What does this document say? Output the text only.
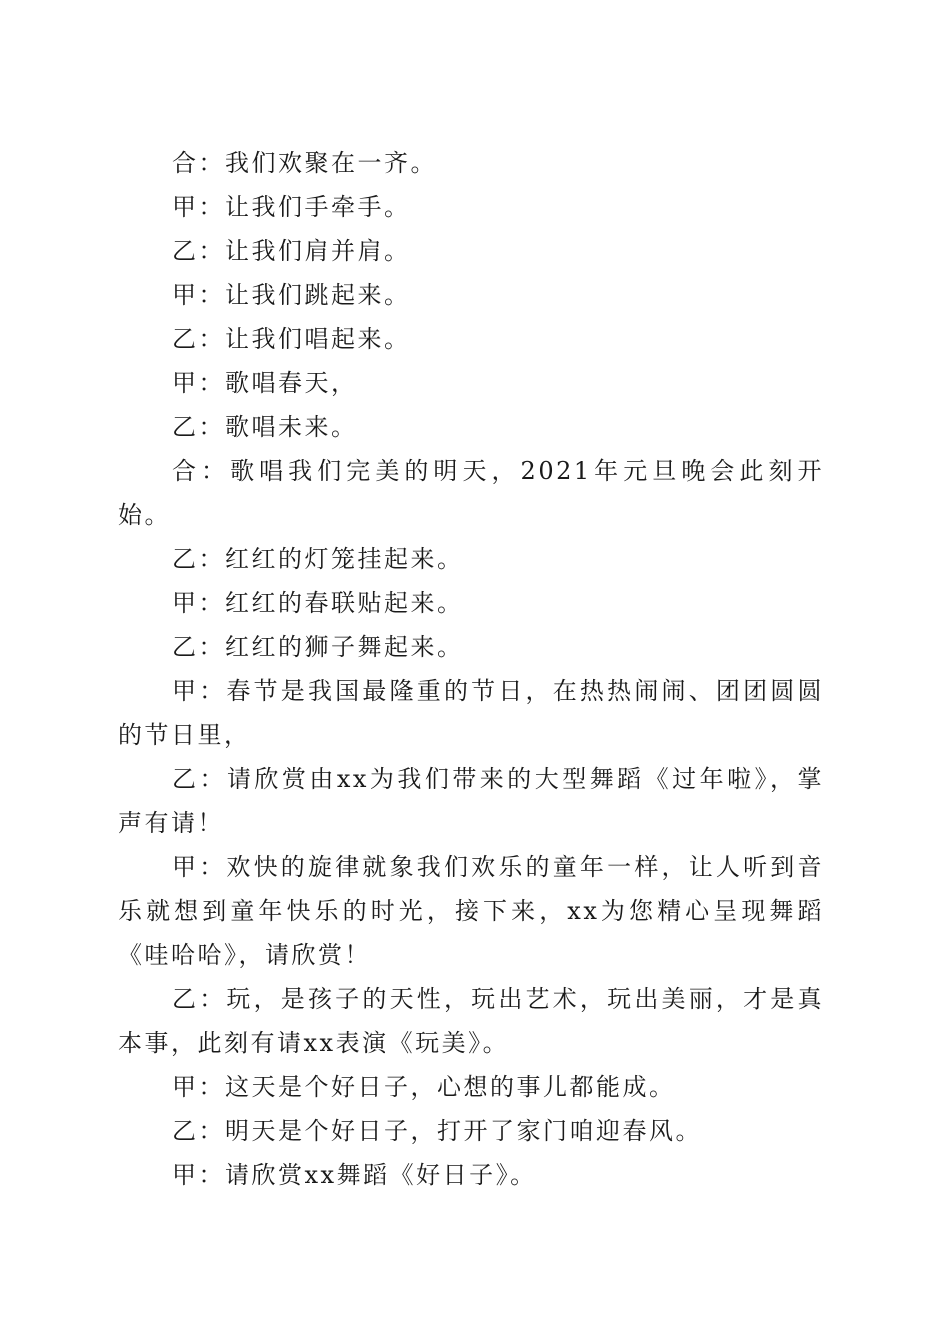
合：我们欢聚在一齐。

甲：让我们手牵手。

乙：让我们肩并肩。

甲：让我们跳起来。

乙：让我们唱起来。

甲：歌唱春天，

乙：歌唱未来。

合：歌唱我们完美的明天，2021年元旦晚会此刻开始。

乙：红红的灯笼挂起来。

甲：红红的春联贴起来。

乙：红红的狮子舞起来。

甲：春节是我国最隆重的节日，在热热闹闹、团团圆圆的节日里，

乙：请欣赏由xx为我们带来的大型舞蹈《过年啦》，掌声有请！

甲：欢快的旋律就象我们欢乐的童年一样，让人听到音乐就想到童年快乐的时光，接下来，xx为您精心呈现舞蹈《哇哈哈》，请欣赏！

乙：玩，是孩子的天性，玩出艺术，玩出美丽，才是真本事，此刻有请xx表演《玩美》。

甲：这天是个好日子，心想的事儿都能成。

乙：明天是个好日子，打开了家门咱迎春风。

甲：请欣赏xx舞蹈《好日子》。
